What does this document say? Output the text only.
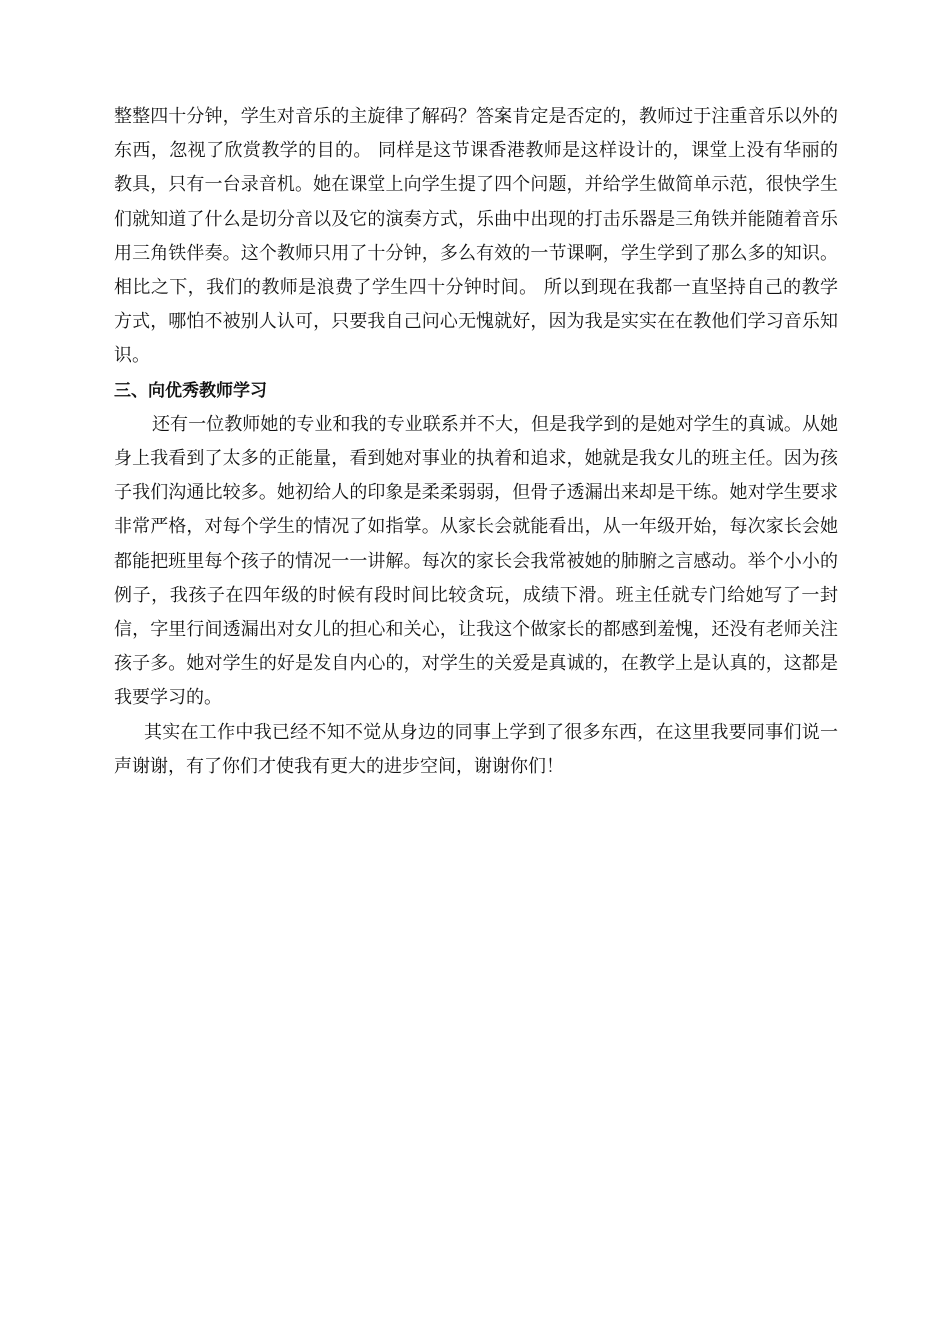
整整四十分钟，学生对音乐的主旋律了解码？答案肯定是否定的，教师过于注重音乐以外的东西，忽视了欣赏教学的目的。 同样是这节课香港教师是这样设计的，课堂上没有华丽的教具，只有一台录音机。她在课堂上向学生提了四个问题，并给学生做简单示范，很快学生们就知道了什么是切分音以及它的演奏方式，乐曲中出现的打击乐器是三角铁并能随着音乐用三角铁伴奏。这个教师只用了十分钟，多么有效的一节课啊，学生学到了那么多的知识。相比之下，我们的教师是浪费了学生四十分钟时间。 所以到现在我都一直坚持自己的教学方式，哪怕不被别人认可，只要我自己问心无愧就好，因为我是实实在在教他们学习音乐知识。

三、向优秀教师学习

还有一位教师她的专业和我的专业联系并不大，但是我学到的是她对学生的真诚。从她身上我看到了太多的正能量，看到她对事业的执着和追求，她就是我女儿的班主任。因为孩子我们沟通比较多。她初给人的印象是柔柔弱弱，但骨子透漏出来却是干练。她对学生要求非常严格，对每个学生的情况了如指掌。从家长会就能看出，从一年级开始，每次家长会她都能把班里每个孩子的情况一一讲解。每次的家长会我常被她的肺腑之言感动。举个小小的例子，我孩子在四年级的时候有段时间比较贪玩，成绩下滑。班主任就专门给她写了一封信，字里行间透漏出对女儿的担心和关心，让我这个做家长的都感到羞愧，还没有老师关注孩子多。她对学生的好是发自内心的，对学生的关爱是真诚的，在教学上是认真的，这都是我要学习的。

其实在工作中我已经不知不觉从身边的同事上学到了很多东西，在这里我要同事们说一声谢谢，有了你们才使我有更大的进步空间，谢谢你们！
